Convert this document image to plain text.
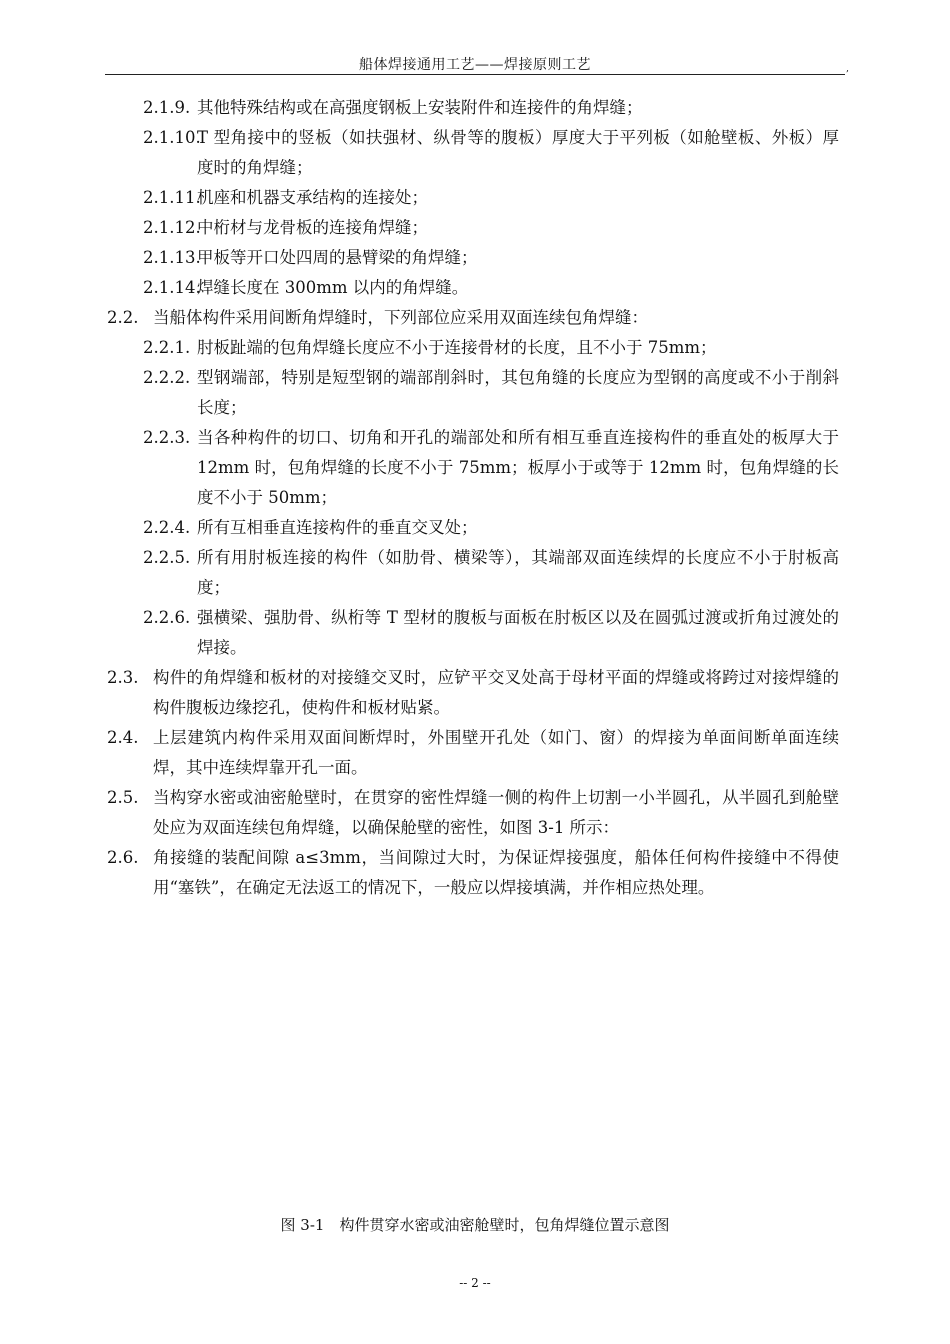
船体焊接通用工艺——焊接原则工艺	,
2.1.9. 其他特殊结构或在高强度钢板上安装附件和连接件的角焊缝；
2.1.10.
T 型角接中的竖板（如扶强材、纵骨等的腹板）厚度大于平列板（如舱壁板、外板）厚度时的角焊缝；
2.1.11.
机座和机器支承结构的连接处；
2.1.12.
中桁材与龙骨板的连接角焊缝；
2.1.13.
甲板等开口处四周的悬臂梁的角焊缝；
2.1.14.
焊缝长度在 300mm 以内的角焊缝。
2.2. 当船体构件采用间断角焊缝时，下列部位应采用双面连续包角焊缝：
2.2.1. 肘板趾端的包角焊缝长度应不小于连接骨材的长度，且不小于 75mm；
2.2.2. 型钢端部，特别是短型钢的端部削斜时，其包角缝的长度应为型钢的高度或不小于削斜长度；
2.2.3. 当各种构件的切口、切角和开孔的端部处和所有相互垂直连接构件的垂直处的板厚大于 12mm 时，包角焊缝的长度不小于 75mm；板厚小于或等于 12mm 时，包角焊缝的长度不小于 50mm；
2.2.4. 所有互相垂直连接构件的垂直交叉处；
2.2.5. 所有用肘板连接的构件（如肋骨、横梁等），其端部双面连续焊的长度应不小于肘板高度；
2.2.6. 强横梁、强肋骨、纵桁等 T 型材的腹板与面板在肘板区以及在圆弧过渡或折角过渡处的焊接。
2.3. 构件的角焊缝和板材的对接缝交叉时，应铲平交叉处高于母材平面的焊缝或将跨过对接焊缝的构件腹板边缘挖孔，使构件和板材贴紧。
2.4. 上层建筑内构件采用双面间断焊时，外围壁开孔处（如门、窗）的焊接为单面间断单面连续焊，其中连续焊靠开孔一面。
2.5. 当构穿水密或油密舱壁时，在贯穿的密性焊缝一侧的构件上切割一小半圆孔，从半圆孔到舱壁处应为双面连续包角焊缝，以确保舱壁的密性，如图 3-1 所示：
2.6. 角接缝的装配间隙 a≤3mm，当间隙过大时，为保证焊接强度，船体任何构件接缝中不得使用“塞铁”，在确定无法返工的情况下，一般应以焊接填满，并作相应热处理。
图 3-1　构件贯穿水密或油密舱壁时，包角焊缝位置示意图
-- 2 --
